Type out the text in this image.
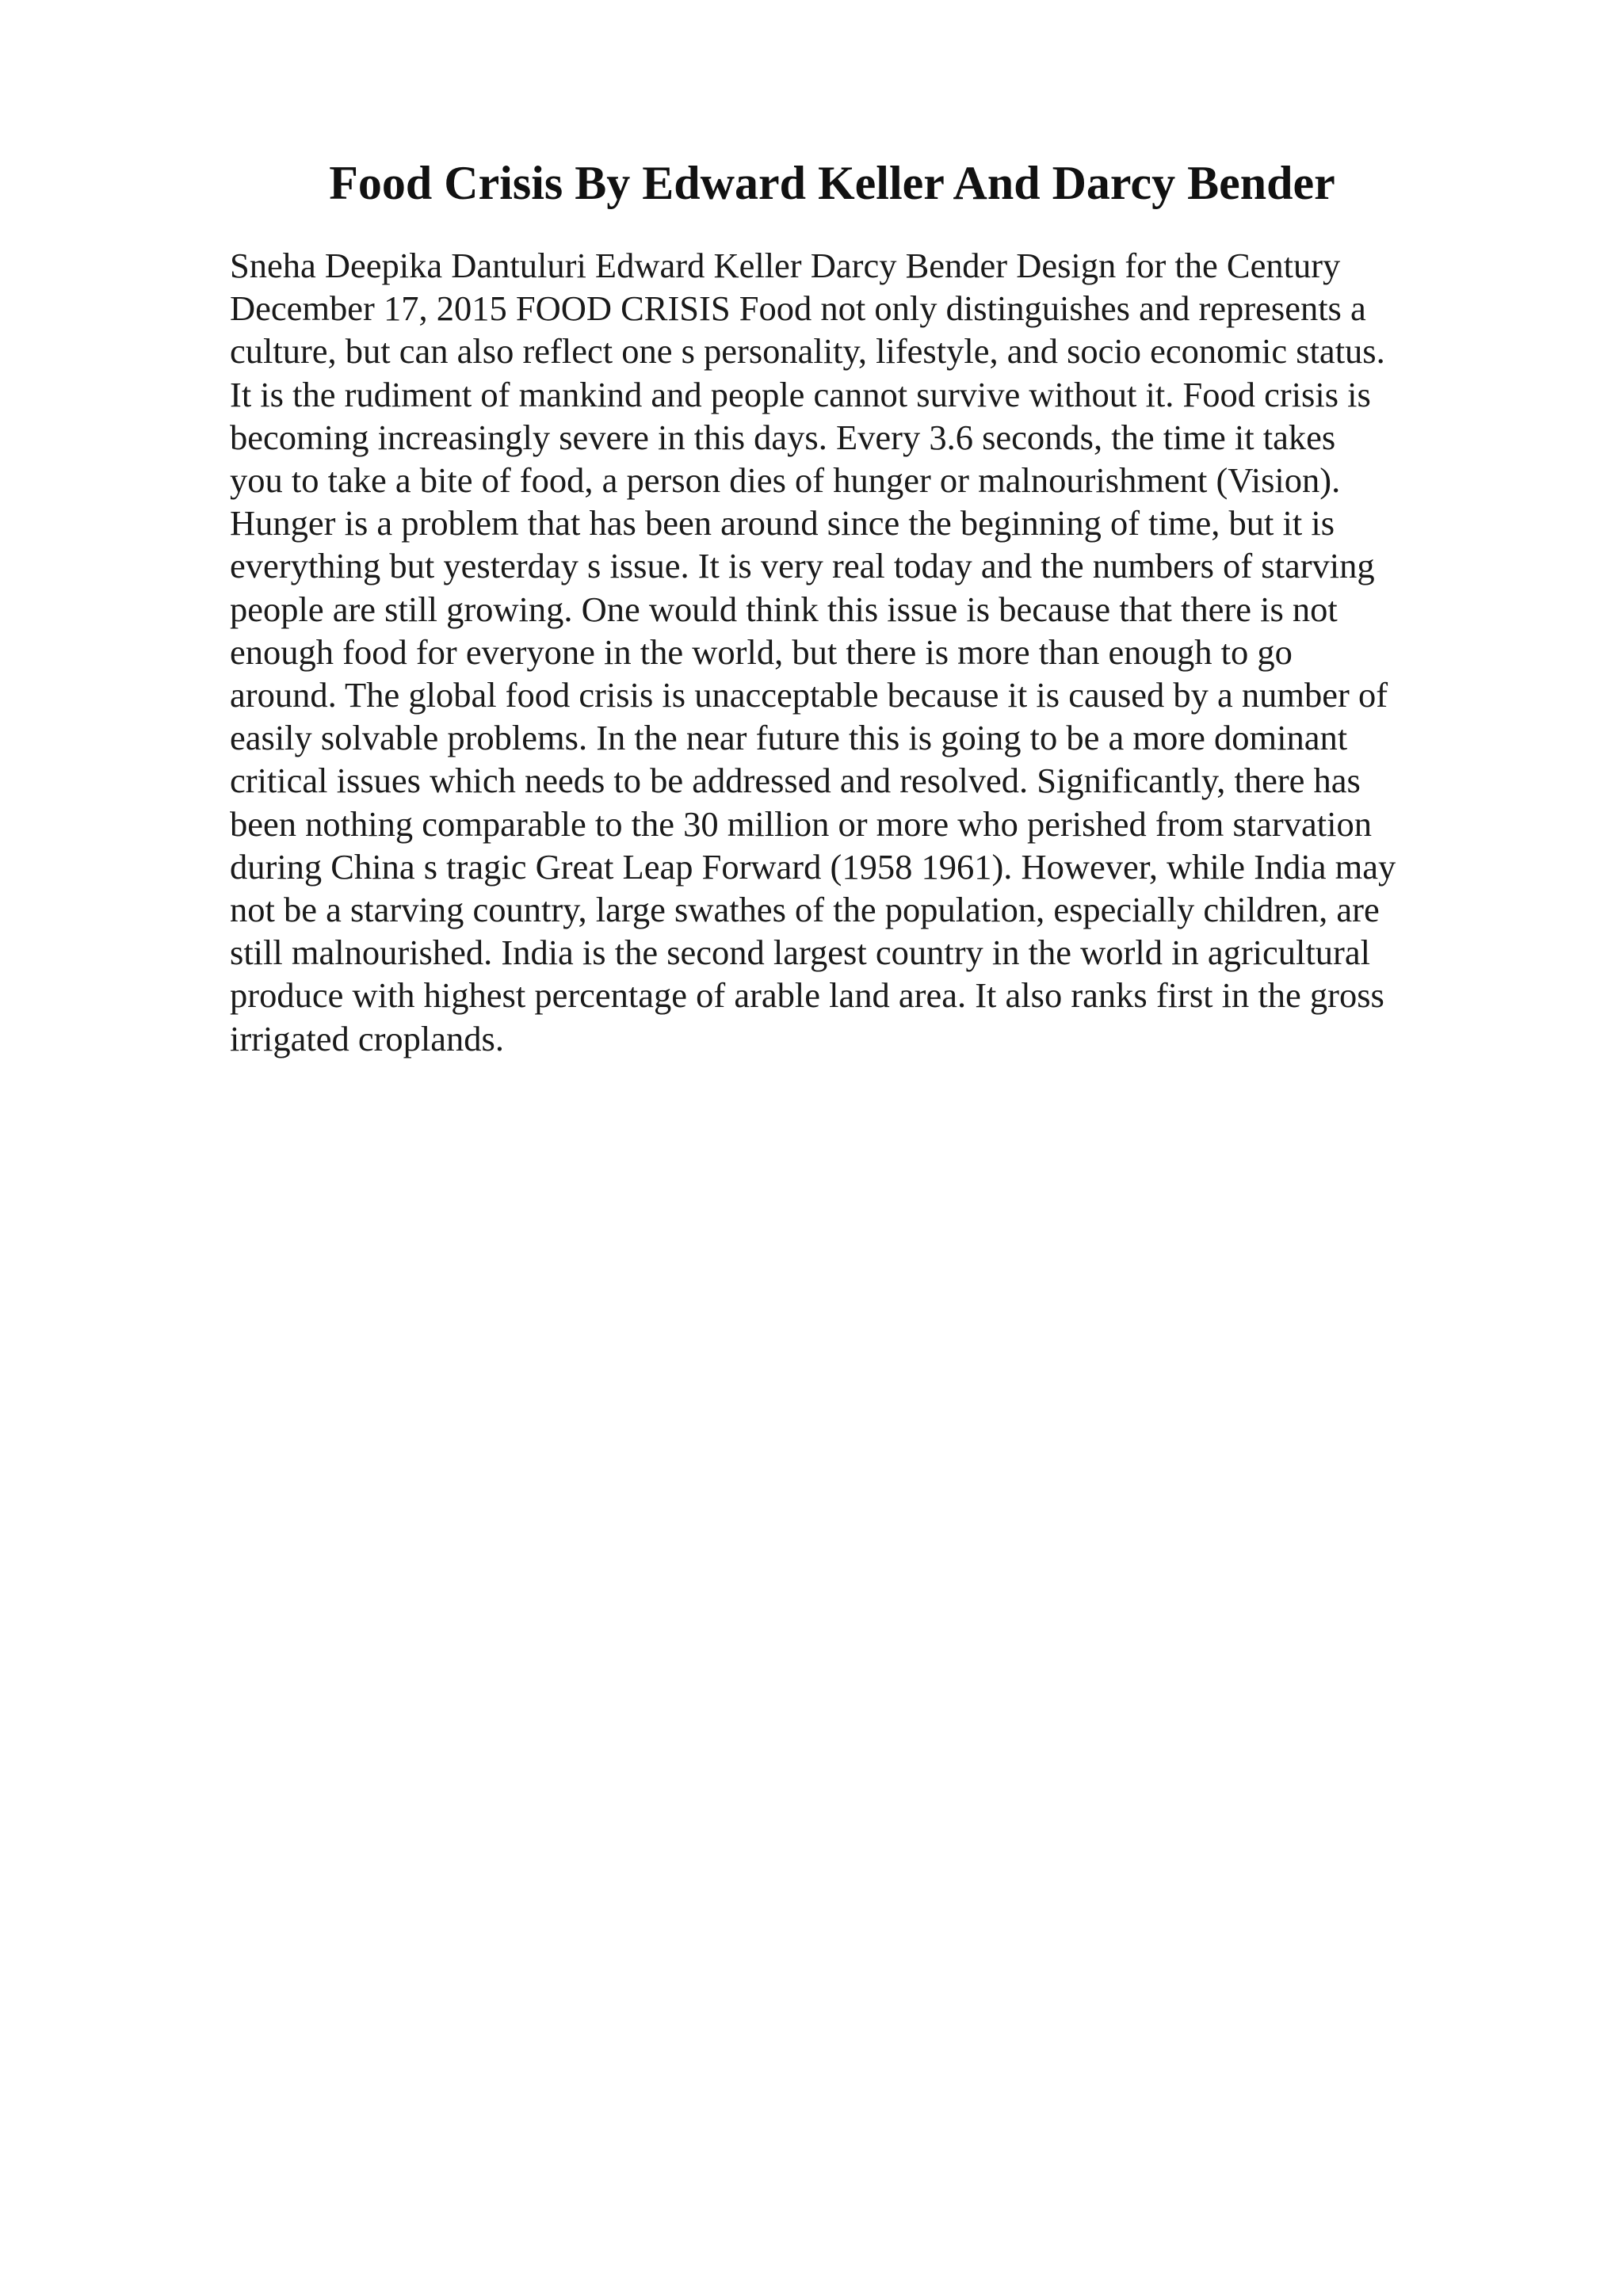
Food Crisis By Edward Keller And Darcy Bender
Sneha Deepika Dantuluri Edward Keller Darcy Bender Design for the Century
December 17, 2015 FOOD CRISIS Food not only distinguishes and represents a
culture, but can also reflect one s personality, lifestyle, and socio economic status.
It is the rudiment of mankind and people cannot survive without it. Food crisis is
becoming increasingly severe in this days. Every 3.6 seconds, the time it takes
you to take a bite of food, a person dies of hunger or malnourishment (Vision).
Hunger is a problem that has been around since the beginning of time, but it is
everything but yesterday s issue. It is very real today and the numbers of starving
people are still growing. One would think this issue is because that there is not
enough food for everyone in the world, but there is more than enough to go
around. The global food crisis is unacceptable because it is caused by a number of
easily solvable problems. In the near future this is going to be a more dominant
critical issues which needs to be addressed and resolved. Significantly, there has
been nothing comparable to the 30 million or more who perished from starvation
during China s tragic Great Leap Forward (1958 1961). However, while India may
not be a starving country, large swathes of the population, especially children, are
still malnourished. India is the second largest country in the world in agricultural
produce with highest percentage of arable land area. It also ranks first in the gross
irrigated croplands.
